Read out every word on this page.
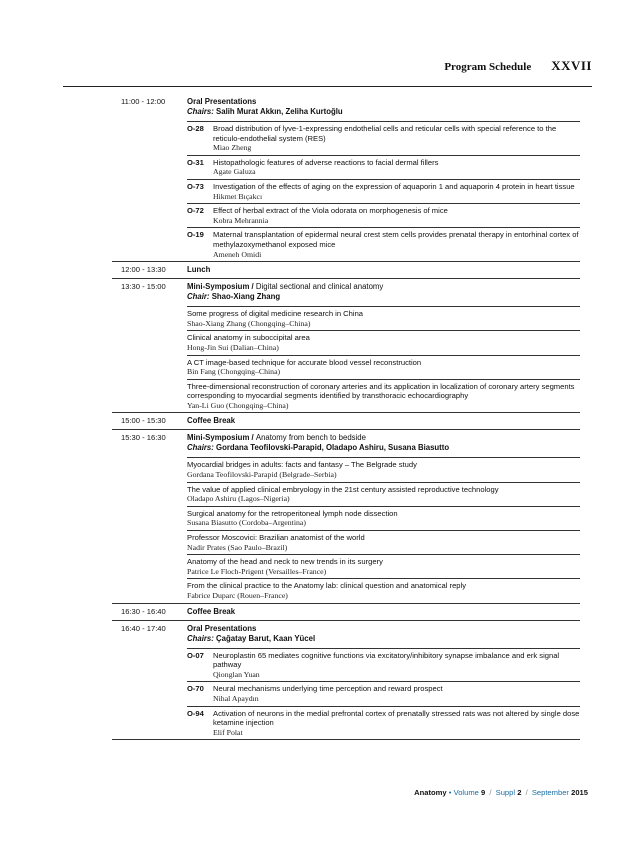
Program Schedule XXVII
11:00 - 12:00	Oral Presentations
Chairs: Salih Murat Akkın, Zeliha Kurtoğlu
O-28	Broad distribution of lyve-1-expressing endothelial cells and reticular cells with special reference to the reticulo-endothelial system (RES)
Miao Zheng
O-31	Histopathologic features of adverse reactions to facial dermal fillers
Agate Galuza
O-73	Investigation of the effects of aging on the expression of aquaporin 1 and aquaporin 4 protein in heart tissue
Hikmet Bıçakcı
O-72	Effect of herbal extract of the Viola odorata on morphogenesis of mice
Kobra Mehrannia
O-19	Maternal transplantation of epidermal neural crest stem cells provides prenatal therapy in entorhinal cortex of methylazoxymethanol exposed mice
Ameneh Omidi
12:00 - 13:30	Lunch
13:30 - 15:00	Mini-Symposium / Digital sectional and clinical anatomy
Chair: Shao-Xiang Zhang
Some progress of digital medicine research in China
Shao-Xiang Zhang (Chongqing–China)
Clinical anatomy in suboccipital area
Hong-Jin Sui (Dalian–China)
A CT image-based technique for accurate blood vessel reconstruction
Bin Fang (Chongqing–China)
Three-dimensional reconstruction of coronary arteries and its application in localization of coronary artery segments corresponding to myocardial segments identified by transthoracic echocardiography
Yan-Li Guo (Chongqing–China)
15:00 - 15:30	Coffee Break
15:30 - 16:30	Mini-Symposium / Anatomy from bench to bedside
Chairs: Gordana Teofilovski-Parapid, Oladapo Ashiru, Susana Biasutto
Myocardial bridges in adults: facts and fantasy – The Belgrade study
Gordana Teofilovski-Parapid (Belgrade–Serbia)
The value of applied clinical embryology in the 21st century assisted reproductive technology
Oladapo Ashiru (Lagos–Nigeria)
Surgical anatomy for the retroperitoneal lymph node dissection
Susana Biasutto (Cordoba–Argentina)
Professor Moscovici: Brazilian anatomist of the world
Nadir Prates (Sao Paulo–Brazil)
Anatomy of the head and neck to new trends in its surgery
Patrice Le Floch-Prigent (Versailles–France)
From the clinical practice to the Anatomy lab: clinical question and anatomical reply
Fabrice Duparc (Rouen–France)
16:30 - 16:40	Coffee Break
16:40 - 17:40	Oral Presentations
Chairs: Çağatay Barut, Kaan Yücel
O-07	Neuroplastin 65 mediates cognitive functions via excitatory/inhibitory synapse imbalance and erk signal pathway
Qionglan Yuan
O-70	Neural mechanisms underlying time perception and reward prospect
Nihal Apaydın
O-94	Activation of neurons in the medial prefrontal cortex of prenatally stressed rats was not altered by single dose ketamine injection
Elif Polat
Anatomy • Volume 9 / Suppl 2 / September 2015
